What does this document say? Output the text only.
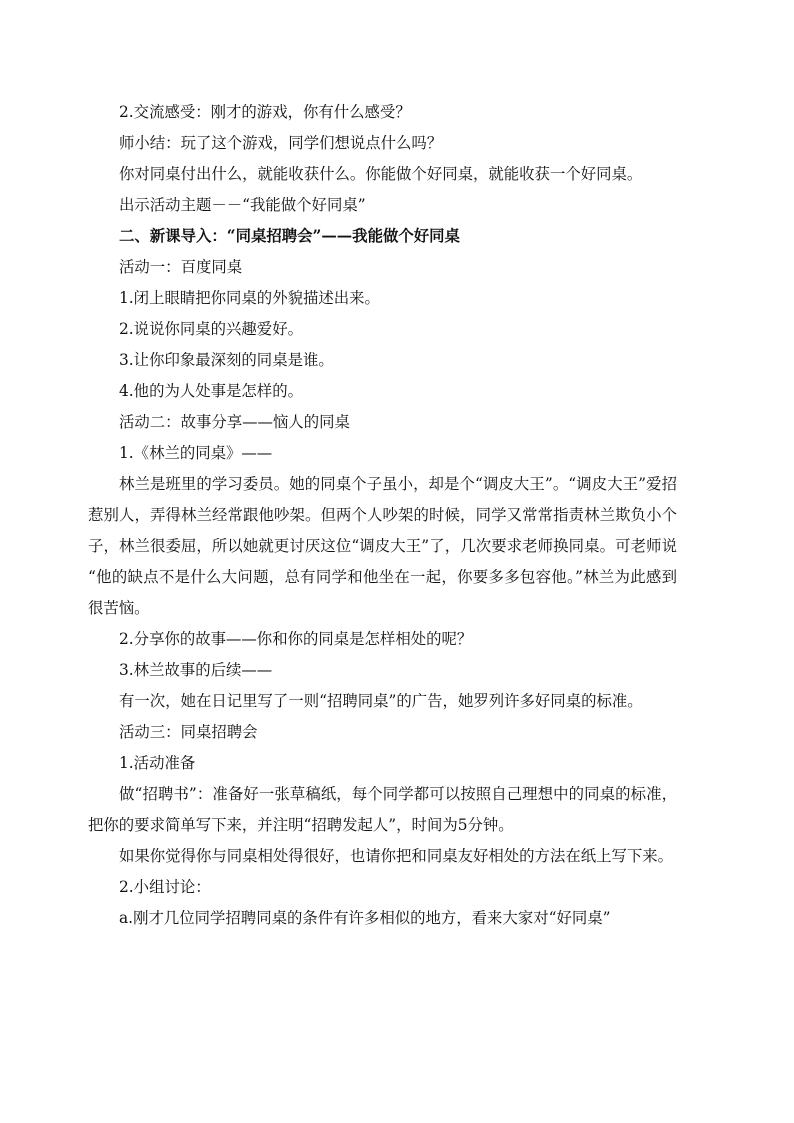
2.交流感受：刚才的游戏，你有什么感受？

师小结：玩了这个游戏，同学们想说点什么吗？

你对同桌付出什么，就能收获什么。你能做个好同桌，就能收获一个好同桌。

出示活动主题－－“我能做个好同桌”

二、新课导入：“同桌招聘会”——我能做个好同桌

活动一：百度同桌

1.闭上眼睛把你同桌的外貌描述出来。

2.说说你同桌的兴趣爱好。

3.让你印象最深刻的同桌是谁。

4.他的为人处事是怎样的。

活动二：故事分享——恼人的同桌

1.《林兰的同桌》——

林兰是班里的学习委员。她的同桌个子虽小，却是个“调皮大王”。“调皮大王”爱招惹别人，弄得林兰经常跟他吵架。但两个人吵架的时候，同学又常常指责林兰欺负小个子，林兰很委屈，所以她就更讨厌这位“调皮大王”了，几次要求老师换同桌。可老师说 “他的缺点不是什么大问题，总有同学和他坐在一起，你要多多包容他。”林兰为此感到很苦恼。

2.分享你的故事——你和你的同桌是怎样相处的呢？

3.林兰故事的后续——

有一次，她在日记里写了一则“招聘同桌”的广告，她罗列许多好同桌的标准。

活动三：同桌招聘会

1.活动准备

做“招聘书”：准备好一张草稿纸，每个同学都可以按照自己理想中的同桌的标准，把你的要求简单写下来，并注明“招聘发起人”，时间为5分钟。

如果你觉得你与同桌相处得很好，也请你把和同桌友好相处的方法在纸上写下来。

2.小组讨论：

a.刚才几位同学招聘同桌的条件有许多相似的地方，看来大家对“好同桌”
